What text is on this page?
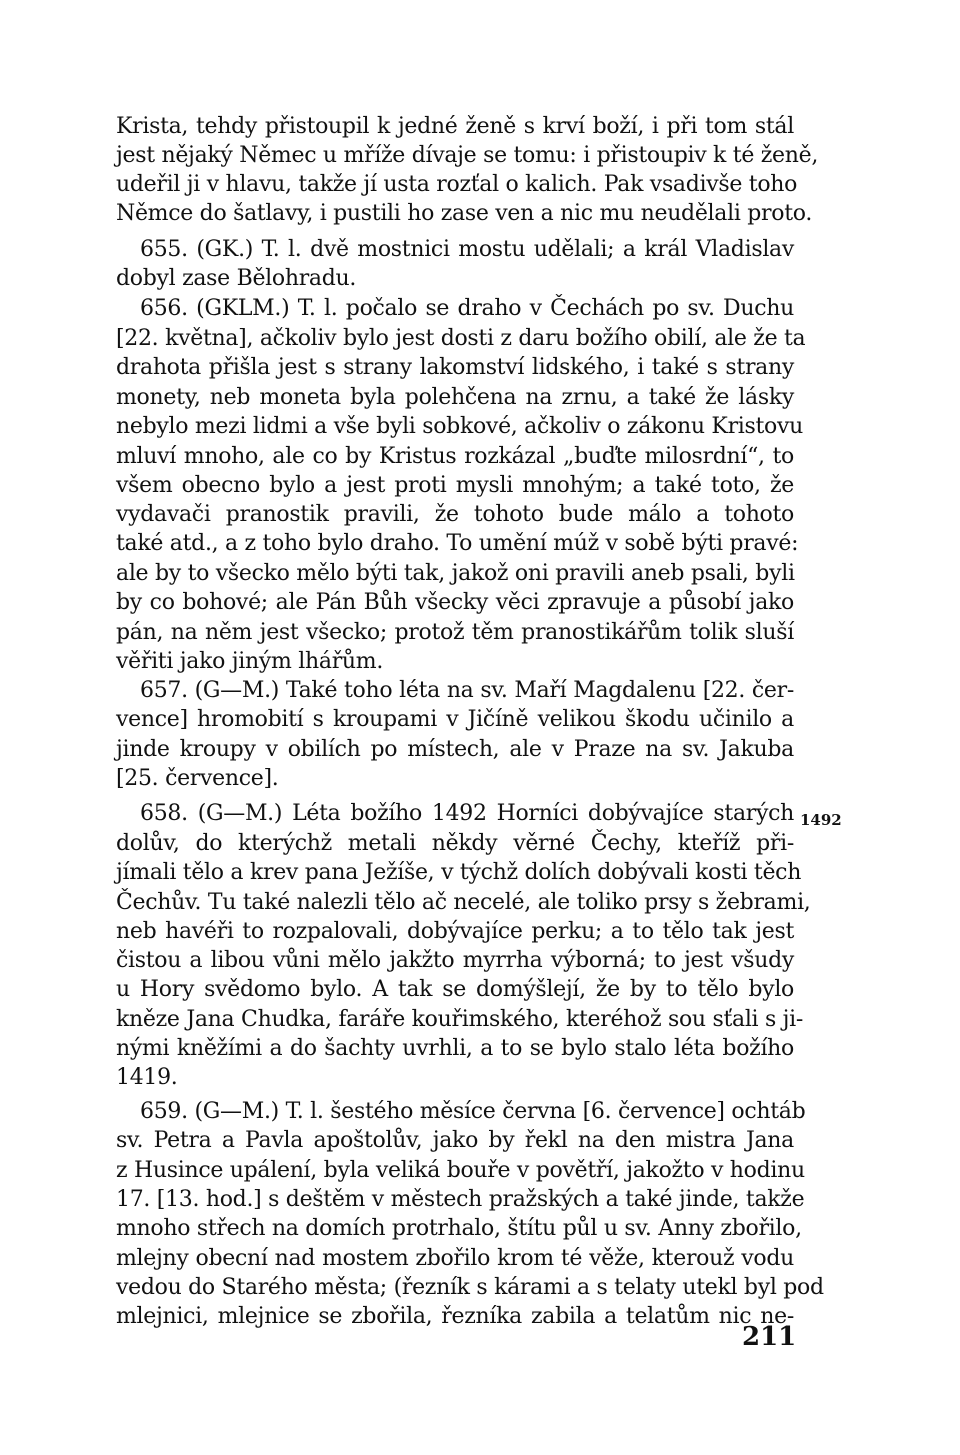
Krista, tehdy přistoupil k jedné ženě s krví boží, i při tom stál
jest nějaký Němec u mříže dívaje se tomu: i přistoupiv k té ženě,
udeřil ji v hlavu, takže jí usta rozťal o kalich. Pak vsadivše toho
Němce do šatlavy, i pustili ho zase ven a nic mu neudělali proto.
655. (GK.) T. l. dvě mostnici mostu udělali; a král Vladislav
dobyl zase Bělohradu.
656. (GKLM.) T. l. počalo se draho v Čechách po sv. Duchu
[22. května], ačkoliv bylo jest dosti z daru božího obilí, ale že ta
drahota přišla jest s strany lakomství lidského, i také s strany
monety, neb moneta byla polehčena na zrnu, a také že lásky
nebylo mezi lidmi a vše byli sobkové, ačkoliv o zákonu Kristovu
mluví mnoho, ale co by Kristus rozkázal „buďte milosrdní“, to
všem obecno bylo a jest proti mysli mnohým; a také toto, že
vydavači pranostik pravili, že tohoto bude málo a tohoto
také atd., a z toho bylo draho. To umění múž v sobě býti pravé:
ale by to všecko mělo býti tak, jakož oni pravili aneb psali, byli
by co bohové; ale Pán Bůh všecky věci zpravuje a působí jako
pán, na něm jest všecko; protož těm pranostikářům tolik sluší
věřiti jako jiným lhářům.
657. (G—M.) Také toho léta na sv. Maří Magdalenu [22. čer-
vence] hromobití s kroupami v Jičíně velikou škodu učinilo a
jinde kroupy v obilích po místech, ale v Praze na sv. Jakuba
[25. července].
658. (G—M.) Léta božího 1492 Horníci dobývajíce starých
dolův, do kterýchž metali někdy věrné Čechy, kteříž při-
jímali tělo a krev pana Ježíše, v týchž dolích dobývali kosti těch
Čechův. Tu také nalezli tělo ač necelé, ale toliko prsy s žebrami,
neb havéři to rozpalovali, dobývajíce perku; a to tělo tak jest
čistou a libou vůni mělo jakžto myrrha výborná; to jest všudy
u Hory svědomo bylo. A tak se domýšlejí, že by to tělo bylo
kněze Jana Chudka, faráře kouřimského, kteréhož sou sťali s ji-
nými kněžími a do šachty uvrhli, a to se bylo stalo léta božího
1419.
659. (G—M.) T. l. šestého měsíce června [6. července] ochtáb
sv. Petra a Pavla apoštolův, jako by řekl na den mistra Jana
z Husince upálení, byla veliká bouře v povětří, jakožto v hodinu
17. [13. hod.] s deštěm v městech pražských a také jinde, takže
mnoho střech na domích protrhalo, štítu půl u sv. Anny zbořilo,
mlejny obecní nad mostem zbořilo krom té věže, kterouž vodu
vedou do Starého města; (řezník s kárami a s telaty utekl byl pod
mlejnici, mlejnice se zbořila, řezníka zabila a telatům nic ne-
1492
211
